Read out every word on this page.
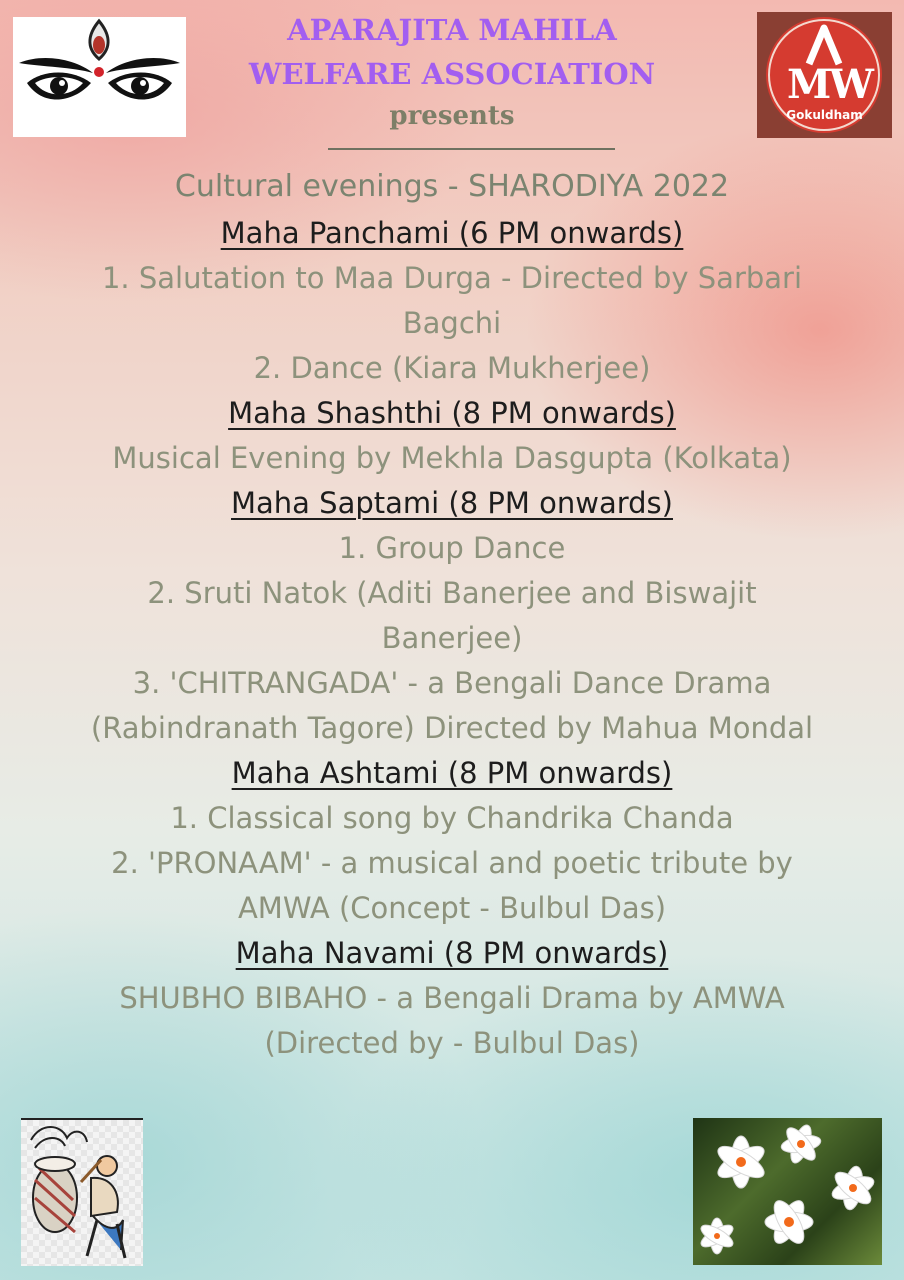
APARAJITA MAHILA
WELFARE ASSOCIATION
presents
M
W
Gokuldham
Cultural evenings - SHARODIYA 2022
Maha Panchami (6 PM onwards)
1. Salutation to Maa Durga - Directed by Sarbari
Bagchi
2. Dance (Kiara Mukherjee)
Maha Shashthi (8 PM onwards)
Musical Evening by Mekhla Dasgupta (Kolkata)
Maha Saptami (8 PM onwards)
1. Group Dance
2. Sruti Natok (Aditi Banerjee and Biswajit
Banerjee)
3. 'CHITRANGADA' - a Bengali Dance Drama
(Rabindranath Tagore) Directed by Mahua Mondal
Maha Ashtami (8 PM onwards)
1. Classical song by Chandrika Chanda
2. 'PRONAAM' - a musical and poetic tribute by
AMWA (Concept - Bulbul Das)
Maha Navami (8 PM onwards)
SHUBHO BIBAHO - a Bengali Drama by AMWA
(Directed by - Bulbul Das)
